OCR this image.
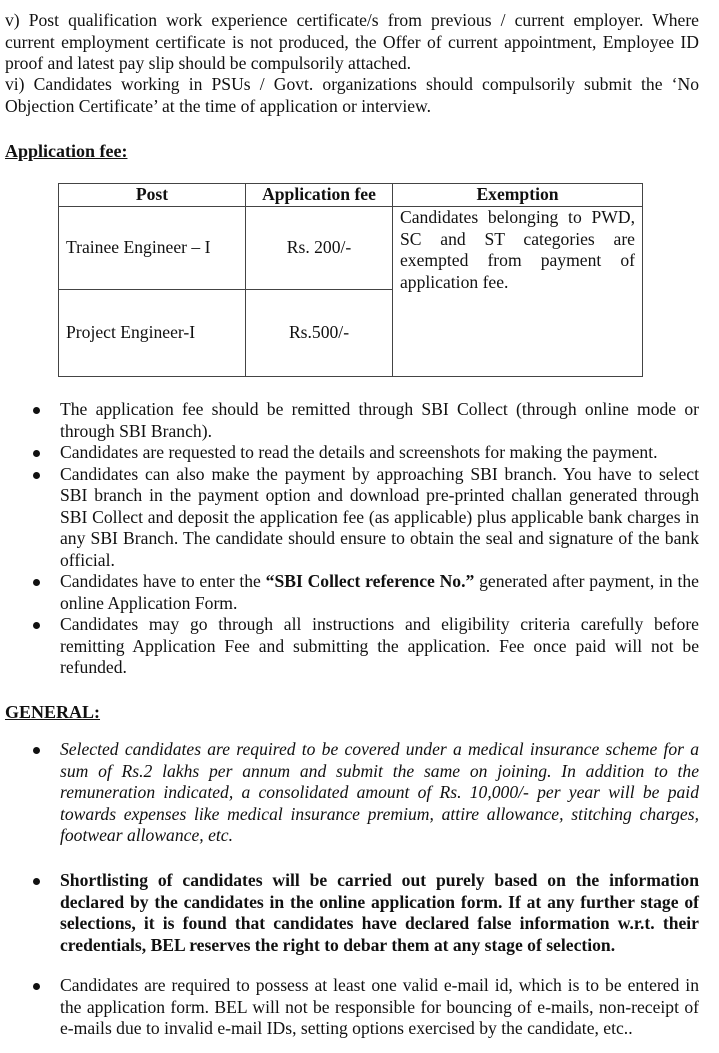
v) Post qualification work experience certificate/s from previous / current employer. Where current employment certificate is not produced, the Offer of current appointment, Employee ID proof and latest pay slip should be compulsorily attached.

vi) Candidates working in PSUs / Govt. organizations should compulsorily submit the ‘No Objection Certificate’ at the time of application or interview.

Application fee:
Post	Application fee	Exemption
Trainee Engineer – I	Rs. 200/-	Candidates belonging to PWD, SC and ST categories are exempted from payment of application fee.
Project Engineer-I	Rs.500/-	
The application fee should be remitted through SBI Collect (through online mode or through SBI Branch).
Candidates are requested to read the details and screenshots for making the payment.
Candidates can also make the payment by approaching SBI branch. You have to select SBI branch in the payment option and download pre-printed challan generated through SBI Collect and deposit the application fee (as applicable) plus applicable bank charges in any SBI Branch. The candidate should ensure to obtain the seal and signature of the bank official.
Candidates have to enter the “SBI Collect reference No.” generated after payment, in the online Application Form.
Candidates may go through all instructions and eligibility criteria carefully before remitting Application Fee and submitting the application. Fee once paid will not be refunded.
GENERAL:
Selected candidates are required to be covered under a medical insurance scheme for a sum of Rs.2 lakhs per annum and submit the same on joining. In addition to the remuneration indicated, a consolidated amount of Rs. 10,000/- per year will be paid towards expenses like medical insurance premium, attire allowance, stitching charges, footwear allowance, etc.
Shortlisting of candidates will be carried out purely based on the information declared by the candidates in the online application form. If at any further stage of selections, it is found that candidates have declared false information w.r.t. their credentials, BEL reserves the right to debar them at any stage of selection.
Candidates are required to possess at least one valid e-mail id, which is to be entered in the application form. BEL will not be responsible for bouncing of e-mails, non-receipt of e-mails due to invalid e-mail IDs, setting options exercised by the candidate, etc..
